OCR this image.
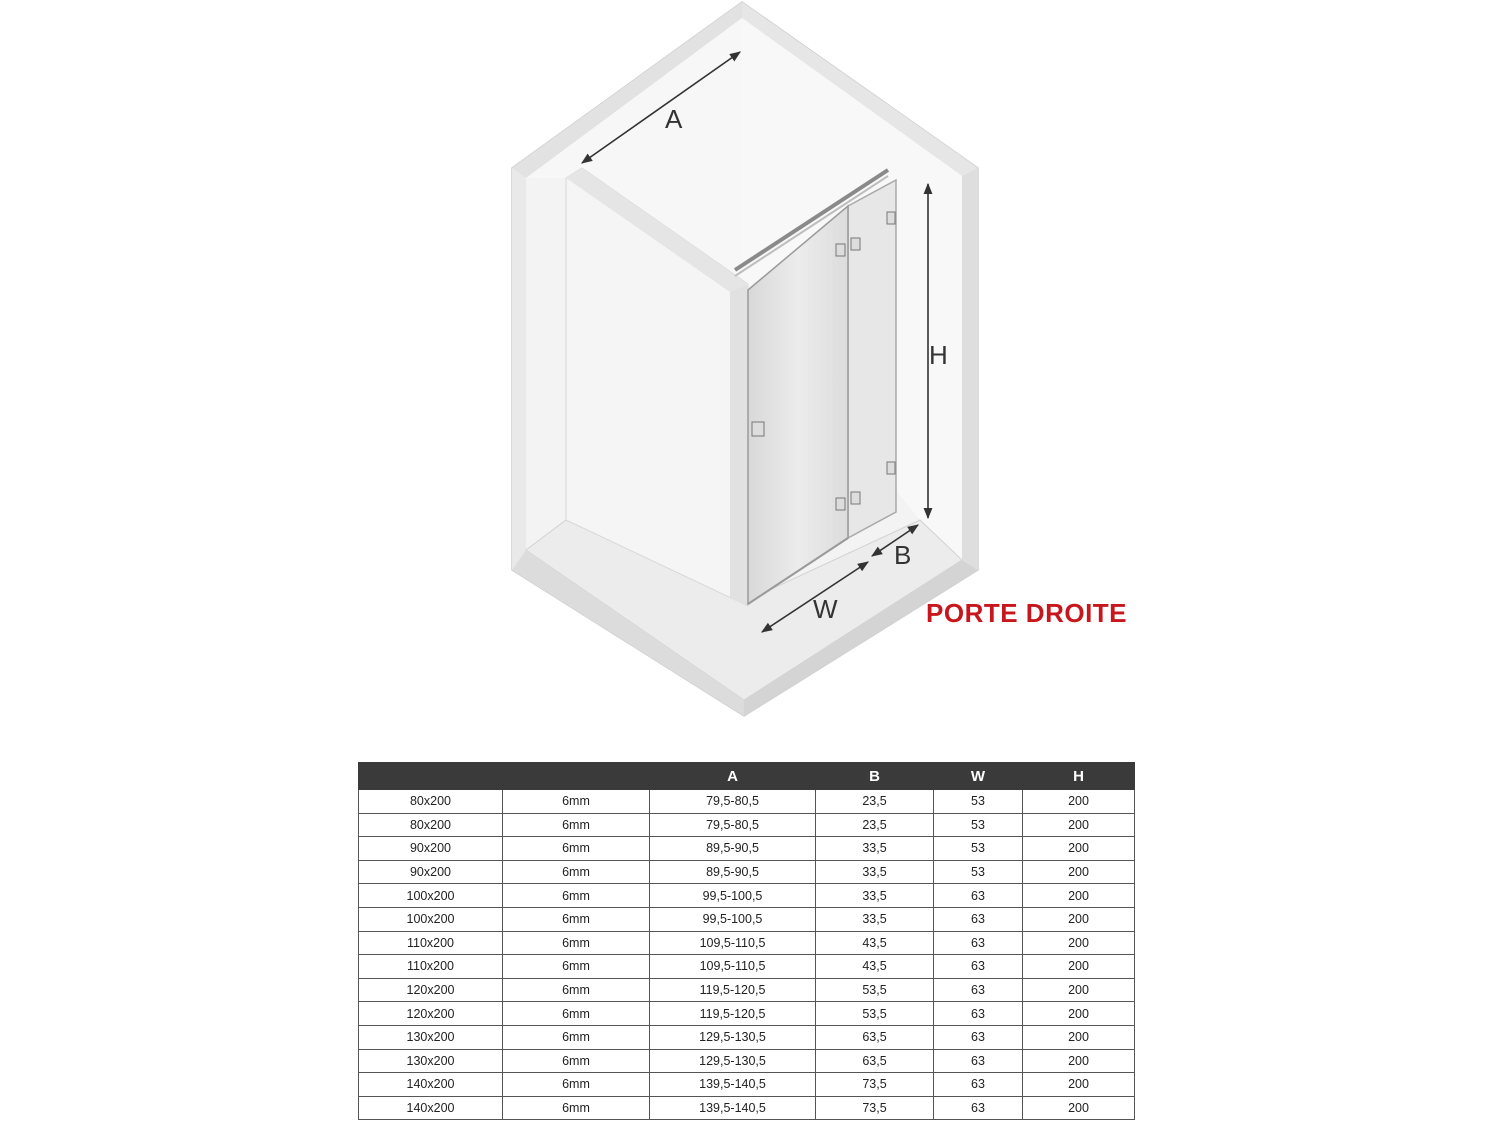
A
H
B
W	PORTE DROITE
		A	B	W	H
80x200	6mm	79,5-80,5	23,5	53	200
80x200	6mm	79,5-80,5	23,5	53	200
90x200	6mm	89,5-90,5	33,5	53	200
90x200	6mm	89,5-90,5	33,5	53	200
100x200	6mm	99,5-100,5	33,5	63	200
100x200	6mm	99,5-100,5	33,5	63	200
110x200	6mm	109,5-110,5	43,5	63	200
110x200	6mm	109,5-110,5	43,5	63	200
120x200	6mm	119,5-120,5	53,5	63	200
120x200	6mm	119,5-120,5	53,5	63	200
130x200	6mm	129,5-130,5	63,5	63	200
130x200	6mm	129,5-130,5	63,5	63	200
140x200	6mm	139,5-140,5	73,5	63	200
140x200	6mm	139,5-140,5	73,5	63	200
